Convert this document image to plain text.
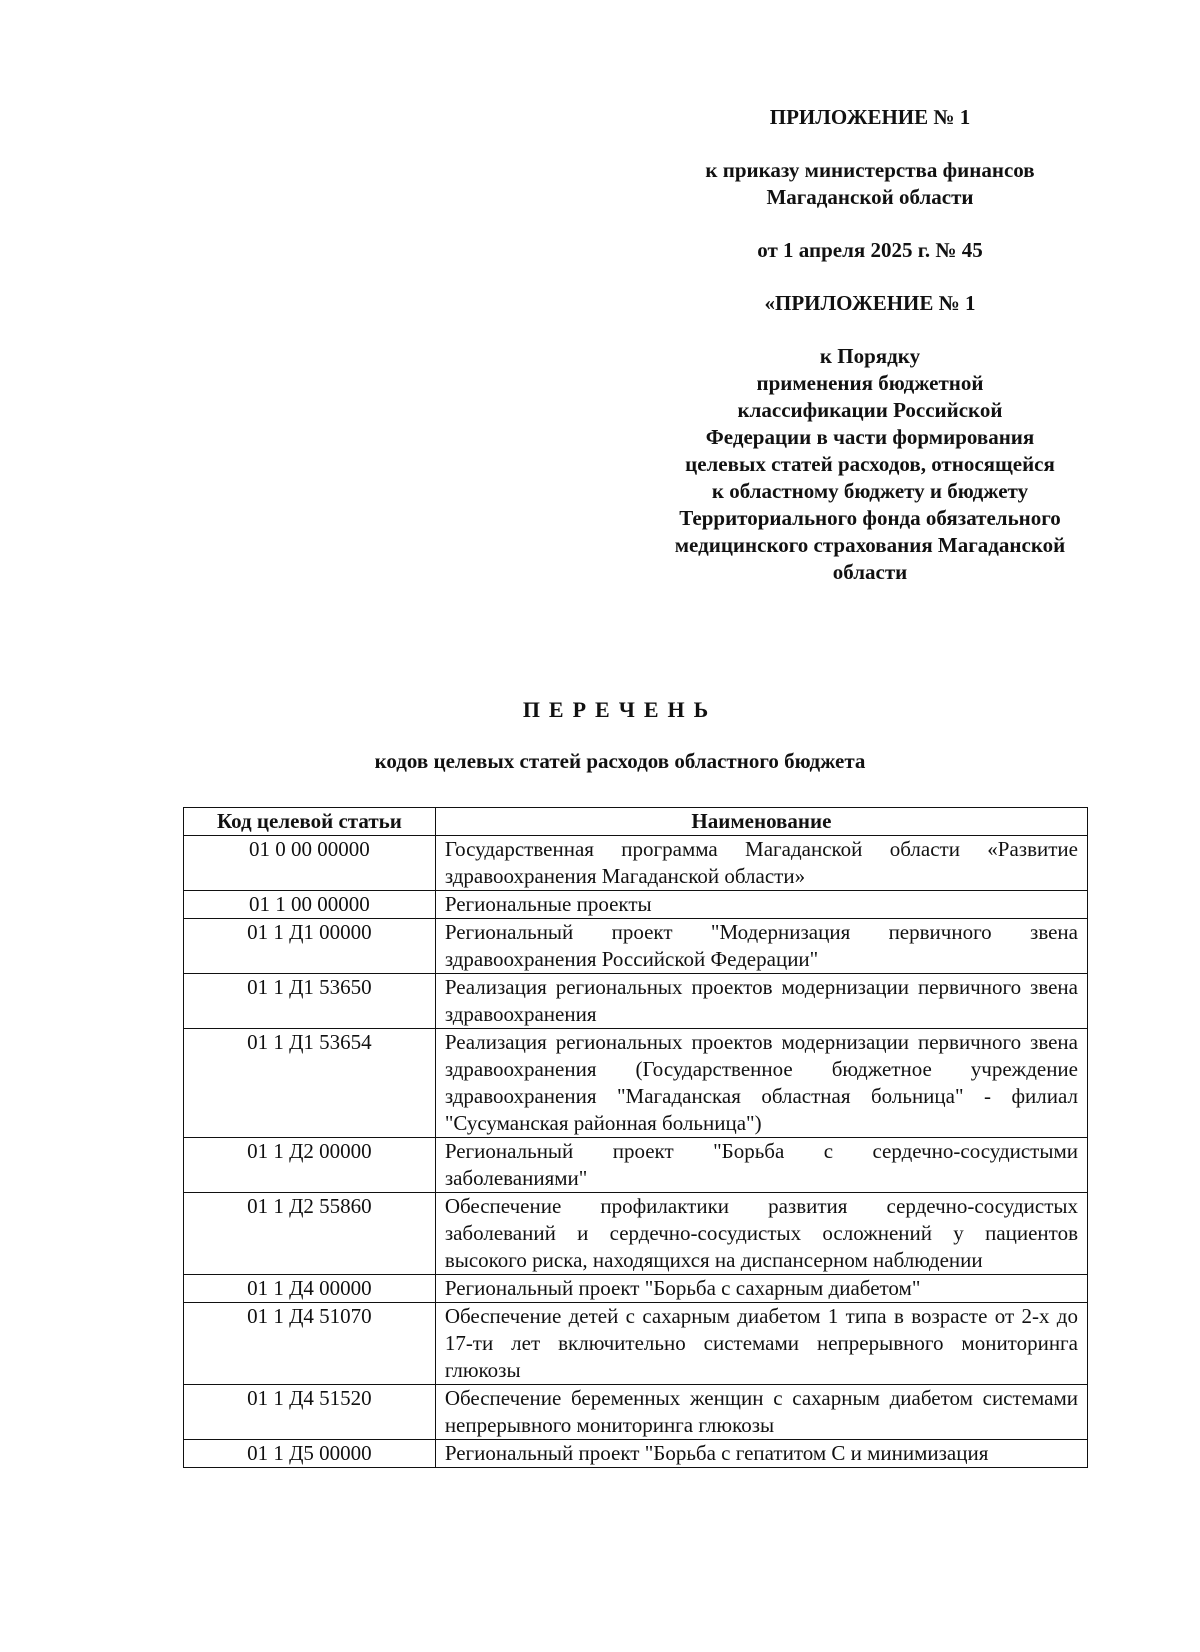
ПРИЛОЖЕНИЕ № 1

к приказу министерства финансов
Магаданской области

от 1 апреля 2025 г. № 45

«ПРИЛОЖЕНИЕ № 1

к Порядку
применения бюджетной
классификации Российской
Федерации в части формирования
целевых статей расходов, относящейся
к областному бюджету и бюджету
Территориального фонда обязательного
медицинского страхования Магаданской
области

ПЕРЕЧЕНЬ
кодов целевых статей расходов областного бюджета
Код целевой статьи	Наименование
01 0 00 00000	Государственная программа Магаданской области «Развитие здравоохранения Магаданской области»
01 1 00 00000	Региональные проекты
01 1 Д1 00000	Региональный проект "Модернизация первичного звена здравоохранения Российской Федерации"
01 1 Д1 53650	Реализация региональных проектов модернизации первичного звена здравоохранения
01 1 Д1 53654	Реализация региональных проектов модернизации первичного звена здравоохранения (Государственное бюджетное учреждение здравоохранения "Магаданская областная больница" - филиал "Сусуманская районная больница")
01 1 Д2 00000	Региональный проект "Борьба с сердечно-сосудистыми заболеваниями"
01 1 Д2 55860	Обеспечение профилактики развития сердечно-сосудистых заболеваний и сердечно-сосудистых осложнений у пациентов высокого риска, находящихся на диспансерном наблюдении
01 1 Д4 00000	Региональный проект "Борьба с сахарным диабетом"
01 1 Д4 51070	Обеспечение детей с сахарным диабетом 1 типа в возрасте от 2-х до 17-ти лет включительно системами непрерывного мониторинга глюкозы
01 1 Д4 51520	Обеспечение беременных женщин с сахарным диабетом системами непрерывного мониторинга глюкозы
01 1 Д5 00000	Региональный проект "Борьба с гепатитом С и минимизация
